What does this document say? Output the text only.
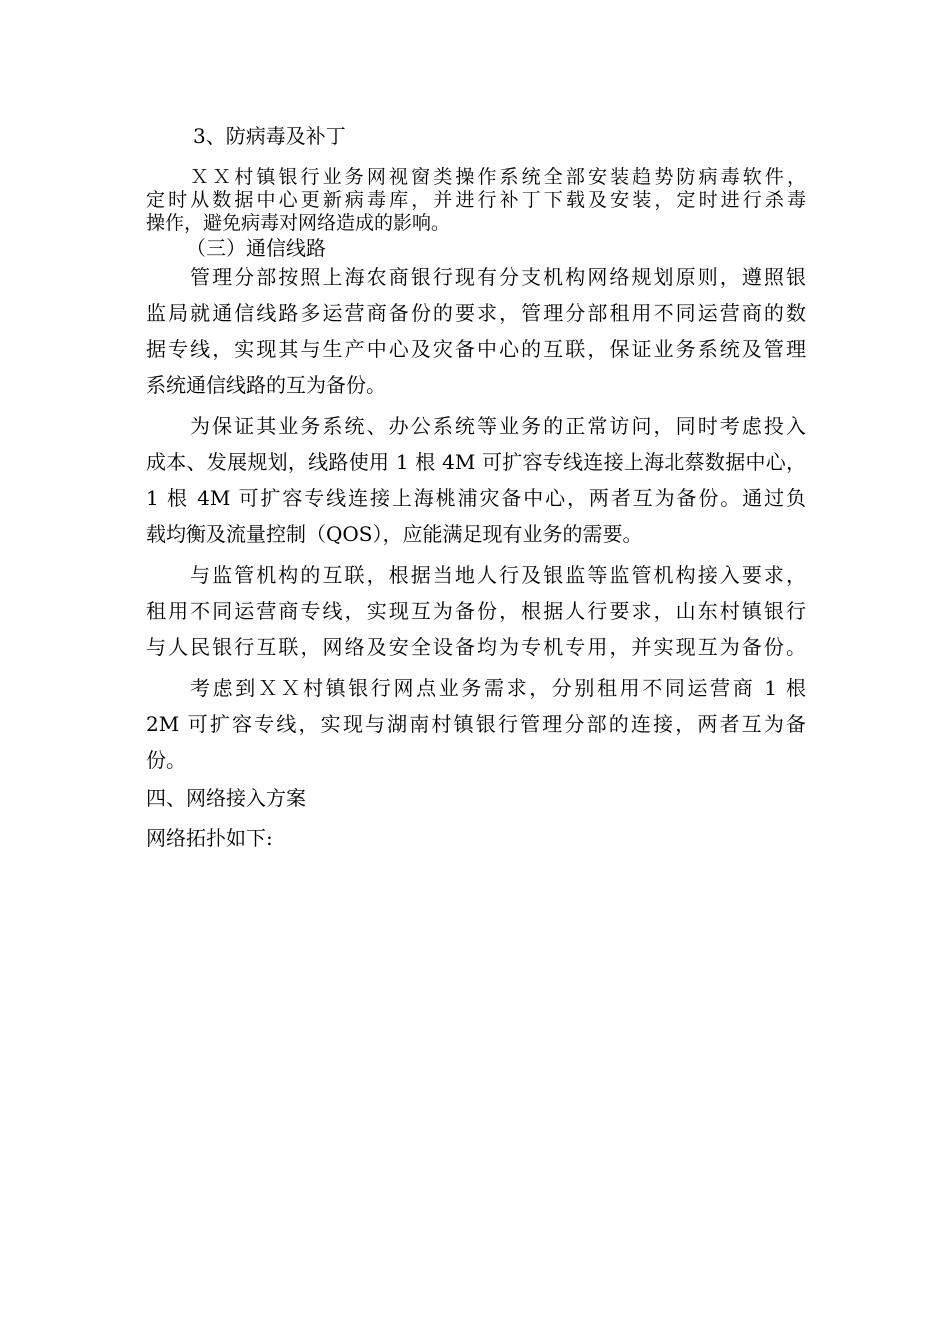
3、防病毒及补丁
ＸＸ村镇银行业务网视窗类操作系统全部安装趋势防病毒软件，
定时从数据中心更新病毒库，并进行补丁下载及安装，定时进行杀毒
操作，避免病毒对网络造成的影响。
（三）通信线路
管理分部按照上海农商银行现有分支机构网络规划原则，遵照银
监局就通信线路多运营商备份的要求，管理分部租用不同运营商的数
据专线，实现其与生产中心及灾备中心的互联，保证业务系统及管理
系统通信线路的互为备份。
为保证其业务系统、办公系统等业务的正常访问，同时考虑投入
成本、发展规划，线路使用 1 根 4M 可扩容专线连接上海北蔡数据中心，
1 根 4M 可扩容专线连接上海桃浦灾备中心，两者互为备份。通过负
载均衡及流量控制（QOS），应能满足现有业务的需要。
与监管机构的互联，根据当地人行及银监等监管机构接入要求，
租用不同运营商专线，实现互为备份，根据人行要求，山东村镇银行
与人民银行互联，网络及安全设备均为专机专用，并实现互为备份。
考虑到ＸＸ村镇银行网点业务需求，分别租用不同运营商 1 根
2M 可扩容专线，实现与湖南村镇银行管理分部的连接，两者互为备
份。
四、网络接入方案
网络拓扑如下:
